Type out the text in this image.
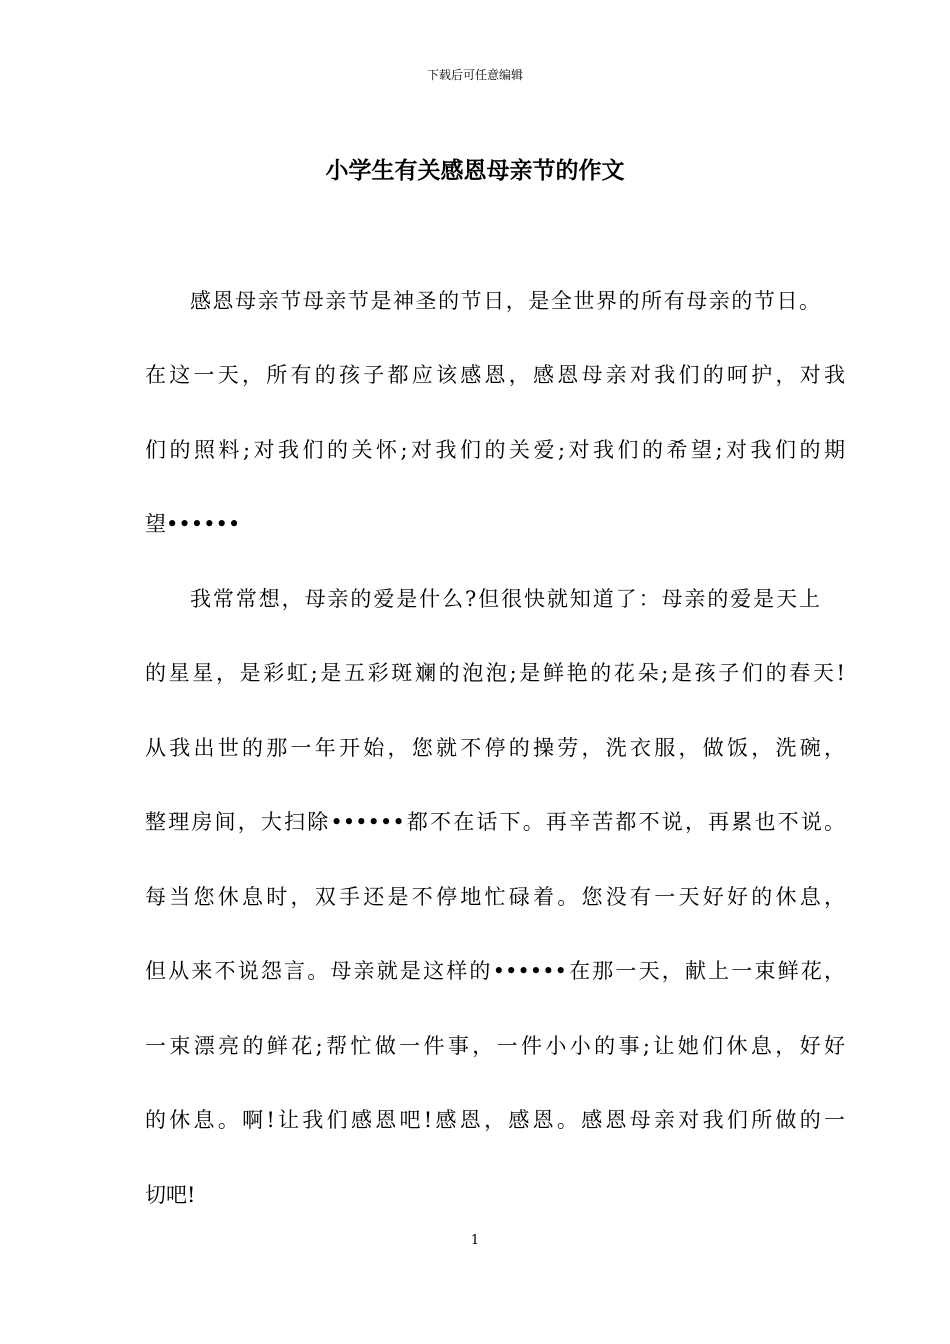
下载后可任意编辑
小学生有关感恩母亲节的作文
感恩母亲节母亲节是神圣的节日，是全世界的所有母亲的节日。
在这一天，所有的孩子都应该感恩，感恩母亲对我们的呵护，对我
们的照料;对我们的关怀;对我们的关爱;对我们的希望;对我们的期
望••••••
我常常想，母亲的爱是什么?但很快就知道了：母亲的爱是天上
的星星，是彩虹;是五彩斑斓的泡泡;是鲜艳的花朵;是孩子们的春天!
从我出世的那一年开始，您就不停的操劳，洗衣服，做饭，洗碗，
整理房间，大扫除••••••都不在话下。再辛苦都不说，再累也不说。
每当您休息时，双手还是不停地忙碌着。您没有一天好好的休息，
但从来不说怨言。母亲就是这样的••••••在那一天，献上一束鲜花，
一束漂亮的鲜花;帮忙做一件事，一件小小的事;让她们休息，好好
的休息。啊!让我们感恩吧!感恩，感恩。感恩母亲对我们所做的一
切吧!
1
